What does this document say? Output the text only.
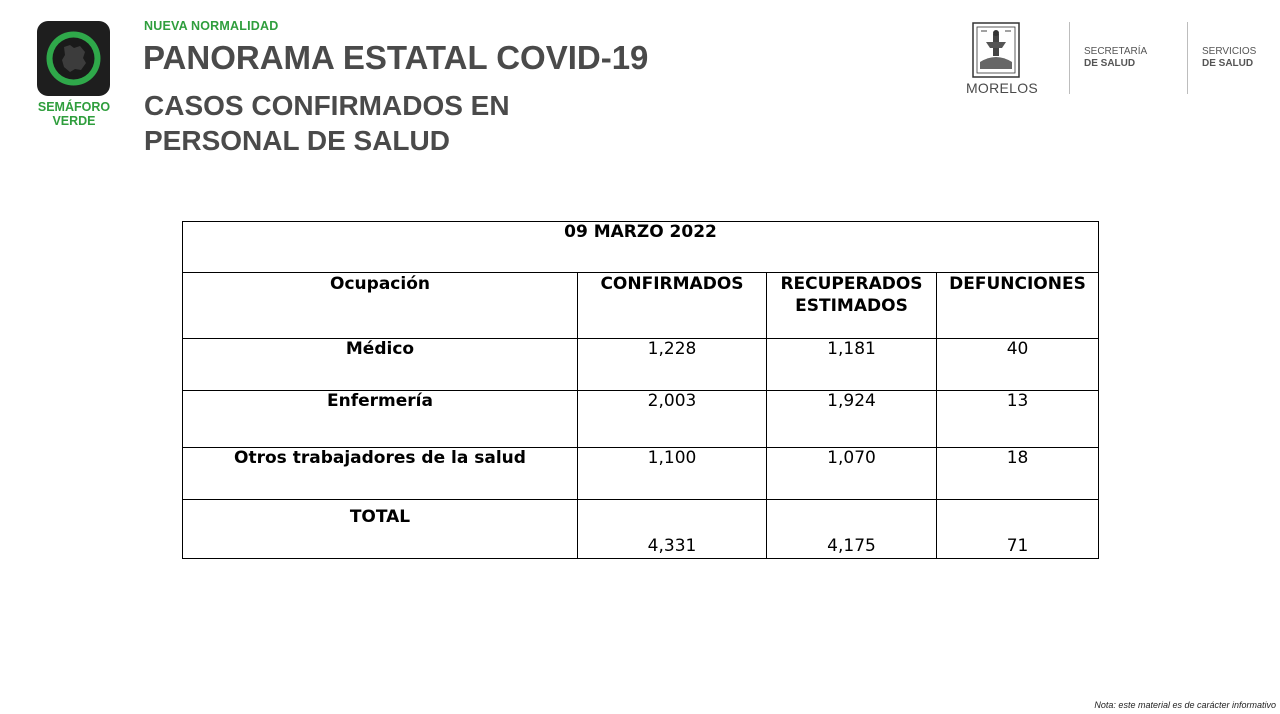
SEMÁFORO
VERDE
NUEVA NORMALIDAD
PANORAMA ESTATAL COVID-19
CASOS CONFIRMADOS EN PERSONAL DE SALUD
MORELOS
SECRETARÍA
DE SALUD
SERVICIOS
DE SALUD
09 MARZO 2022			
Ocupación	CONFIRMADOS	RECUPERADOS ESTIMADOS	DEFUNCIONES
Médico	1,228	1,181	40
Enfermería	2,003	1,924	13
Otros trabajadores de la salud	1,100	1,070	18
TOTAL	4,331	4,175	71
Nota: este material es de carácter informativo
